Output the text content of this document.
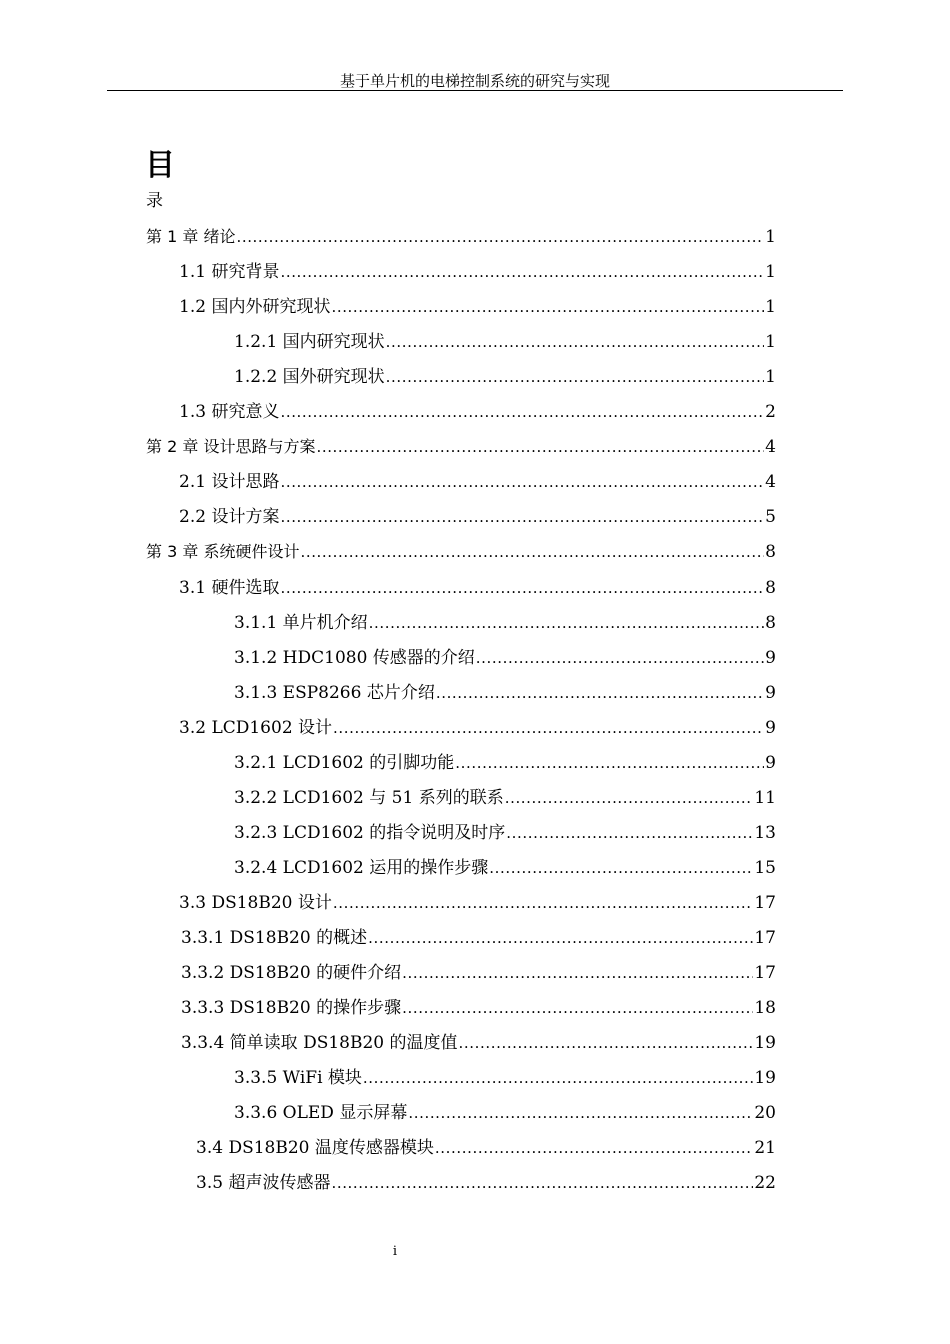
基于单片机的电梯控制系统的研究与实现
目
录
第 1 章 绪论 .....	1
1.1 研究背景 .....	1
1.2 国内外研究现状 .....	1
1.2.1 国内研究现状 .....	1
1.2.2 国外研究现状 .....	1
1.3 研究意义 .....	2
第 2 章 设计思路与方案 .....	4
2.1 设计思路 .....	4
2.2 设计方案 .....	5
第 3 章 系统硬件设计 .....	8
3.1 硬件选取 .....	8
3.1.1 单片机介绍 .....	8
3.1.2 HDC1080 传感器的介绍 .....	9
3.1.3 ESP8266 芯片介绍 .....	9
3.2 LCD1602 设计 .....	9
3.2.1 LCD1602 的引脚功能 .....	9
3.2.2 LCD1602 与 51 系列的联系 .....	11
3.2.3 LCD1602 的指令说明及时序 .....	13
3.2.4 LCD1602 运用的操作步骤 .....	15
3.3 DS18B20 设计 .....	17
3.3.1 DS18B20 的概述 .....	17
3.3.2 DS18B20 的硬件介绍 .....	17
3.3.3 DS18B20 的操作步骤 .....	18
3.3.4 简单读取 DS18B20 的温度值 .....	19
3.3.5 WiFi 模块 .....	19
3.3.6 OLED 显示屏幕 .....	20
3.4 DS18B20 温度传感器模块 .....	21
3.5 超声波传感器 .....	22
i
